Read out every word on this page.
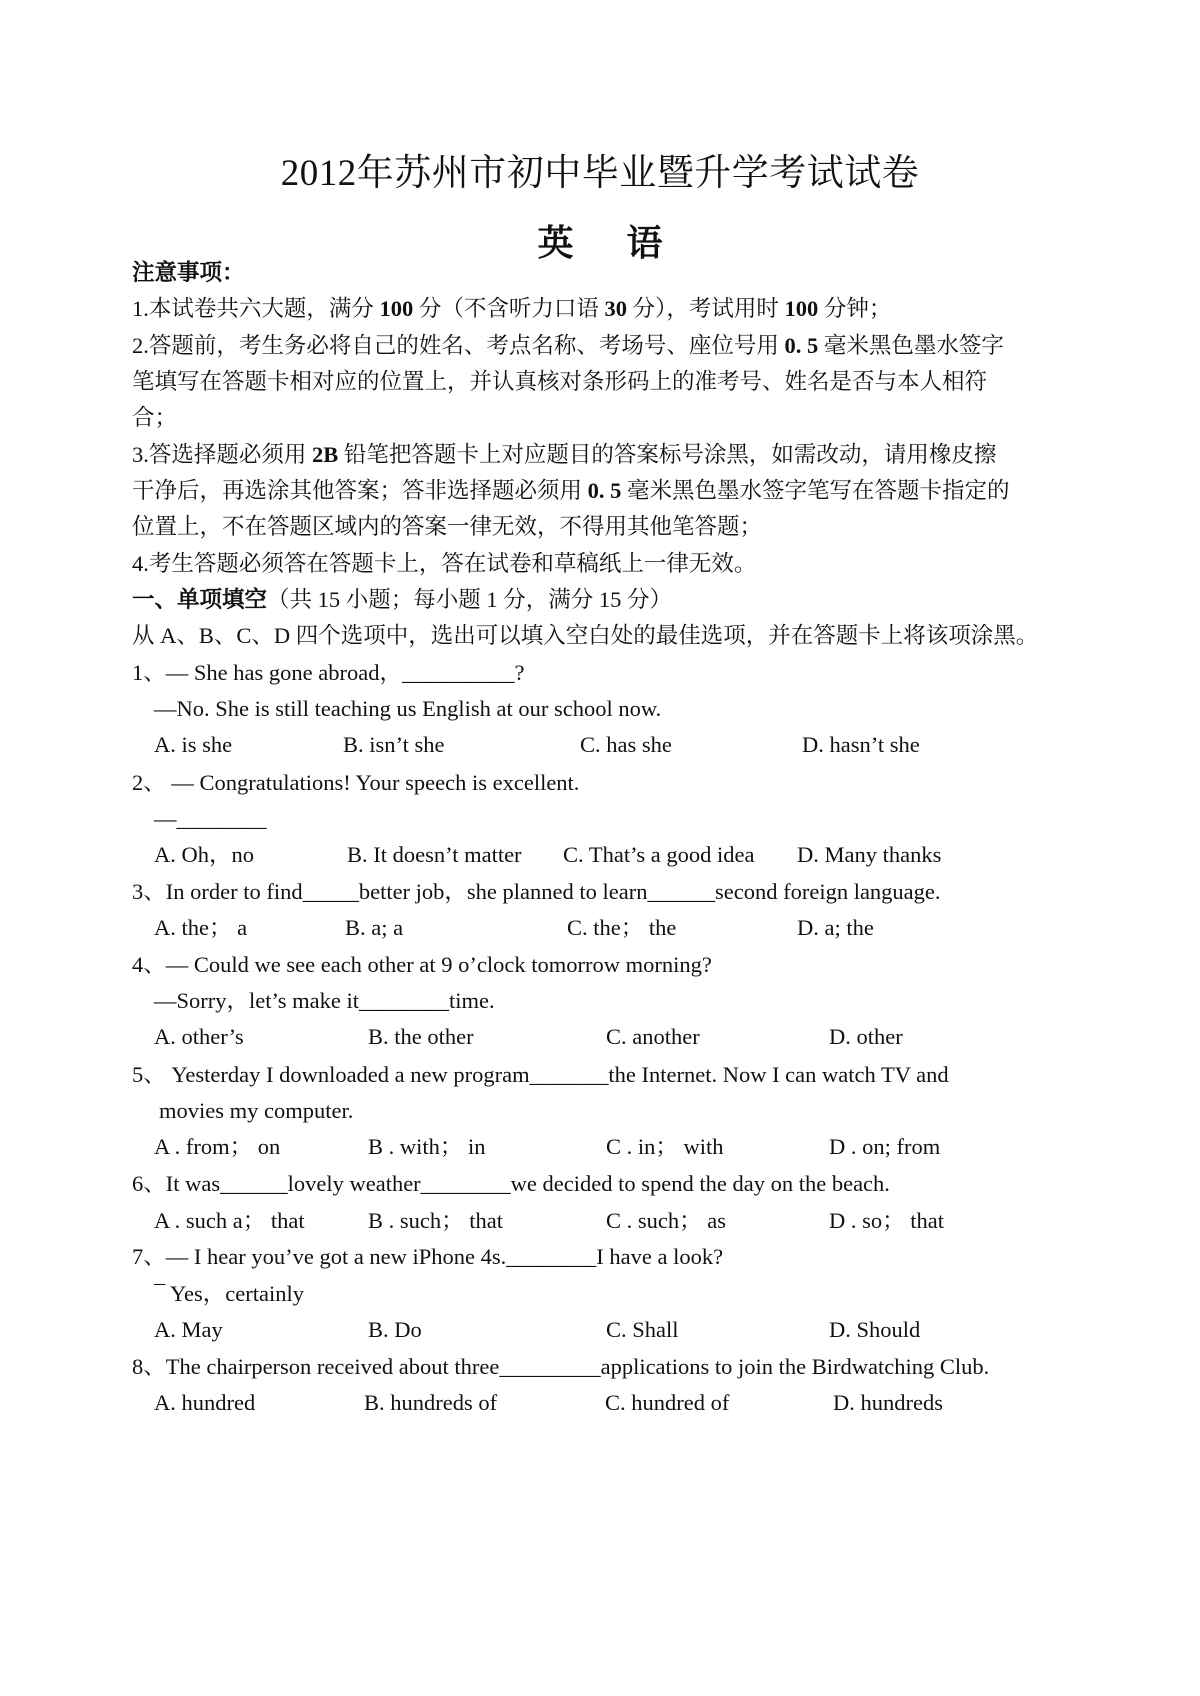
2012年苏州市初中毕业暨升学考试试卷
英 语
注意事项：
1.本试卷共六大题，满分 100 分（不含听力口语 30 分），考试用时 100 分钟；
2.答题前，考生务必将自己的姓名、考点名称、考场号、座位号用 0. 5 毫米黑色墨水签字
笔填写在答题卡相对应的位置上，并认真核对条形码上的准考号、姓名是否与本人相符
合；
3.答选择题必须用 2B 铅笔把答题卡上对应题目的答案标号涂黑，如需改动，请用橡皮擦
干净后，再选涂其他答案；答非选择题必须用 0. 5 毫米黑色墨水签字笔写在答题卡指定的
位置上，不在答题区域内的答案一律无效，不得用其他笔答题；
4.考生答题必须答在答题卡上，答在试卷和草稿纸上一律无效。
一、单项填空（共 15 小题；每小题 1 分，满分 15 分）
从 A、B、C、D 四个选项中，选出可以填入空白处的最佳选项，并在答题卡上将该项涂黑。
1、— She has gone abroad，__________?
—No. She is still teaching us English at our school now.
A. is she	B. isn’t she	C. has she	D. hasn’t she
2、 — Congratulations! Your speech is excellent.
—________
A. Oh，no	B. It doesn’t matter C. That’s a good idea D. Many thanks
3、In order to find_____better job，she planned to learn______second foreign language.
A. the； a	B. a; a	C. the； the	D. a; the
4、— Could we see each other at 9 o’clock tomorrow morning?
—Sorry，let’s make it________time.
A. other’s	B. the other	C. another	D. other
5、 Yesterday I downloaded a new program_______the Internet. Now I can watch TV and
movies my computer.
A . from； on	B . with； in	C . in； with	D . on; from
6、It was______lovely weather________we decided to spend the day on the beach.
A . such a； that	B . such； that	C . such； as	D . so； that
7、— I hear you’ve got a new iPhone 4s.________I have a look?
¯ Yes，certainly
A. May	B. Do	C. Shall	D. Should
8、The chairperson received about three_________applications to join the Birdwatching Club.
A. hundred	B. hundreds of	C. hundred of	D. hundreds
